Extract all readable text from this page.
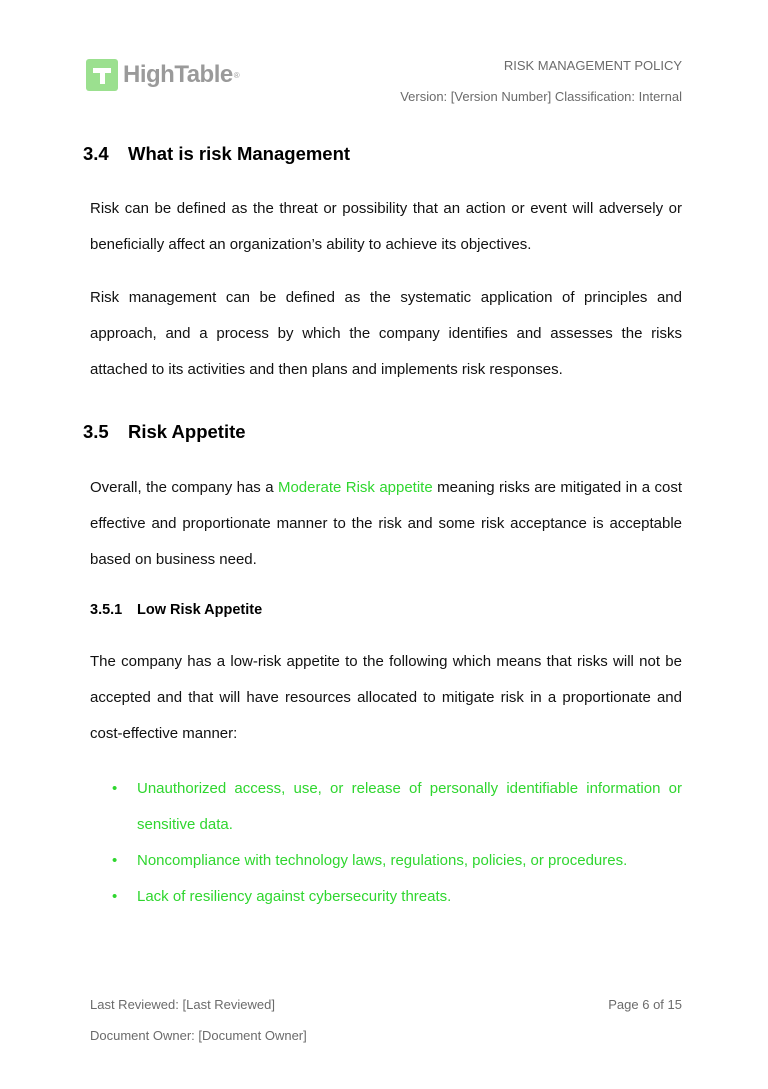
HighTable ®
RISK MANAGEMENT POLICY
Version: [Version Number] Classification: Internal
3.4 What is risk Management

Risk can be defined as the threat or possibility that an action or event will adversely or beneficially affect an organization’s ability to achieve its objectives.

Risk management can be defined as the systematic application of principles and approach, and a process by which the company identifies and assesses the risks attached to its activities and then plans and implements risk responses.

3.5 Risk Appetite

Overall, the company has a Moderate Risk appetite meaning risks are mitigated in a cost effective and proportionate manner to the risk and some risk acceptance is acceptable based on business need.

3.5.1 Low Risk Appetite

The company has a low-risk appetite to the following which means that risks will not be accepted and that will have resources allocated to mitigate risk in a proportionate and cost-effective manner:

• Unauthorized access, use, or release of personally identifiable information or sensitive data.
• Noncompliance with technology laws, regulations, policies, or procedures.
• Lack of resiliency against cybersecurity threats.
Last Reviewed: [Last Reviewed]	Page 6 of 15
Document Owner: [Document Owner]
